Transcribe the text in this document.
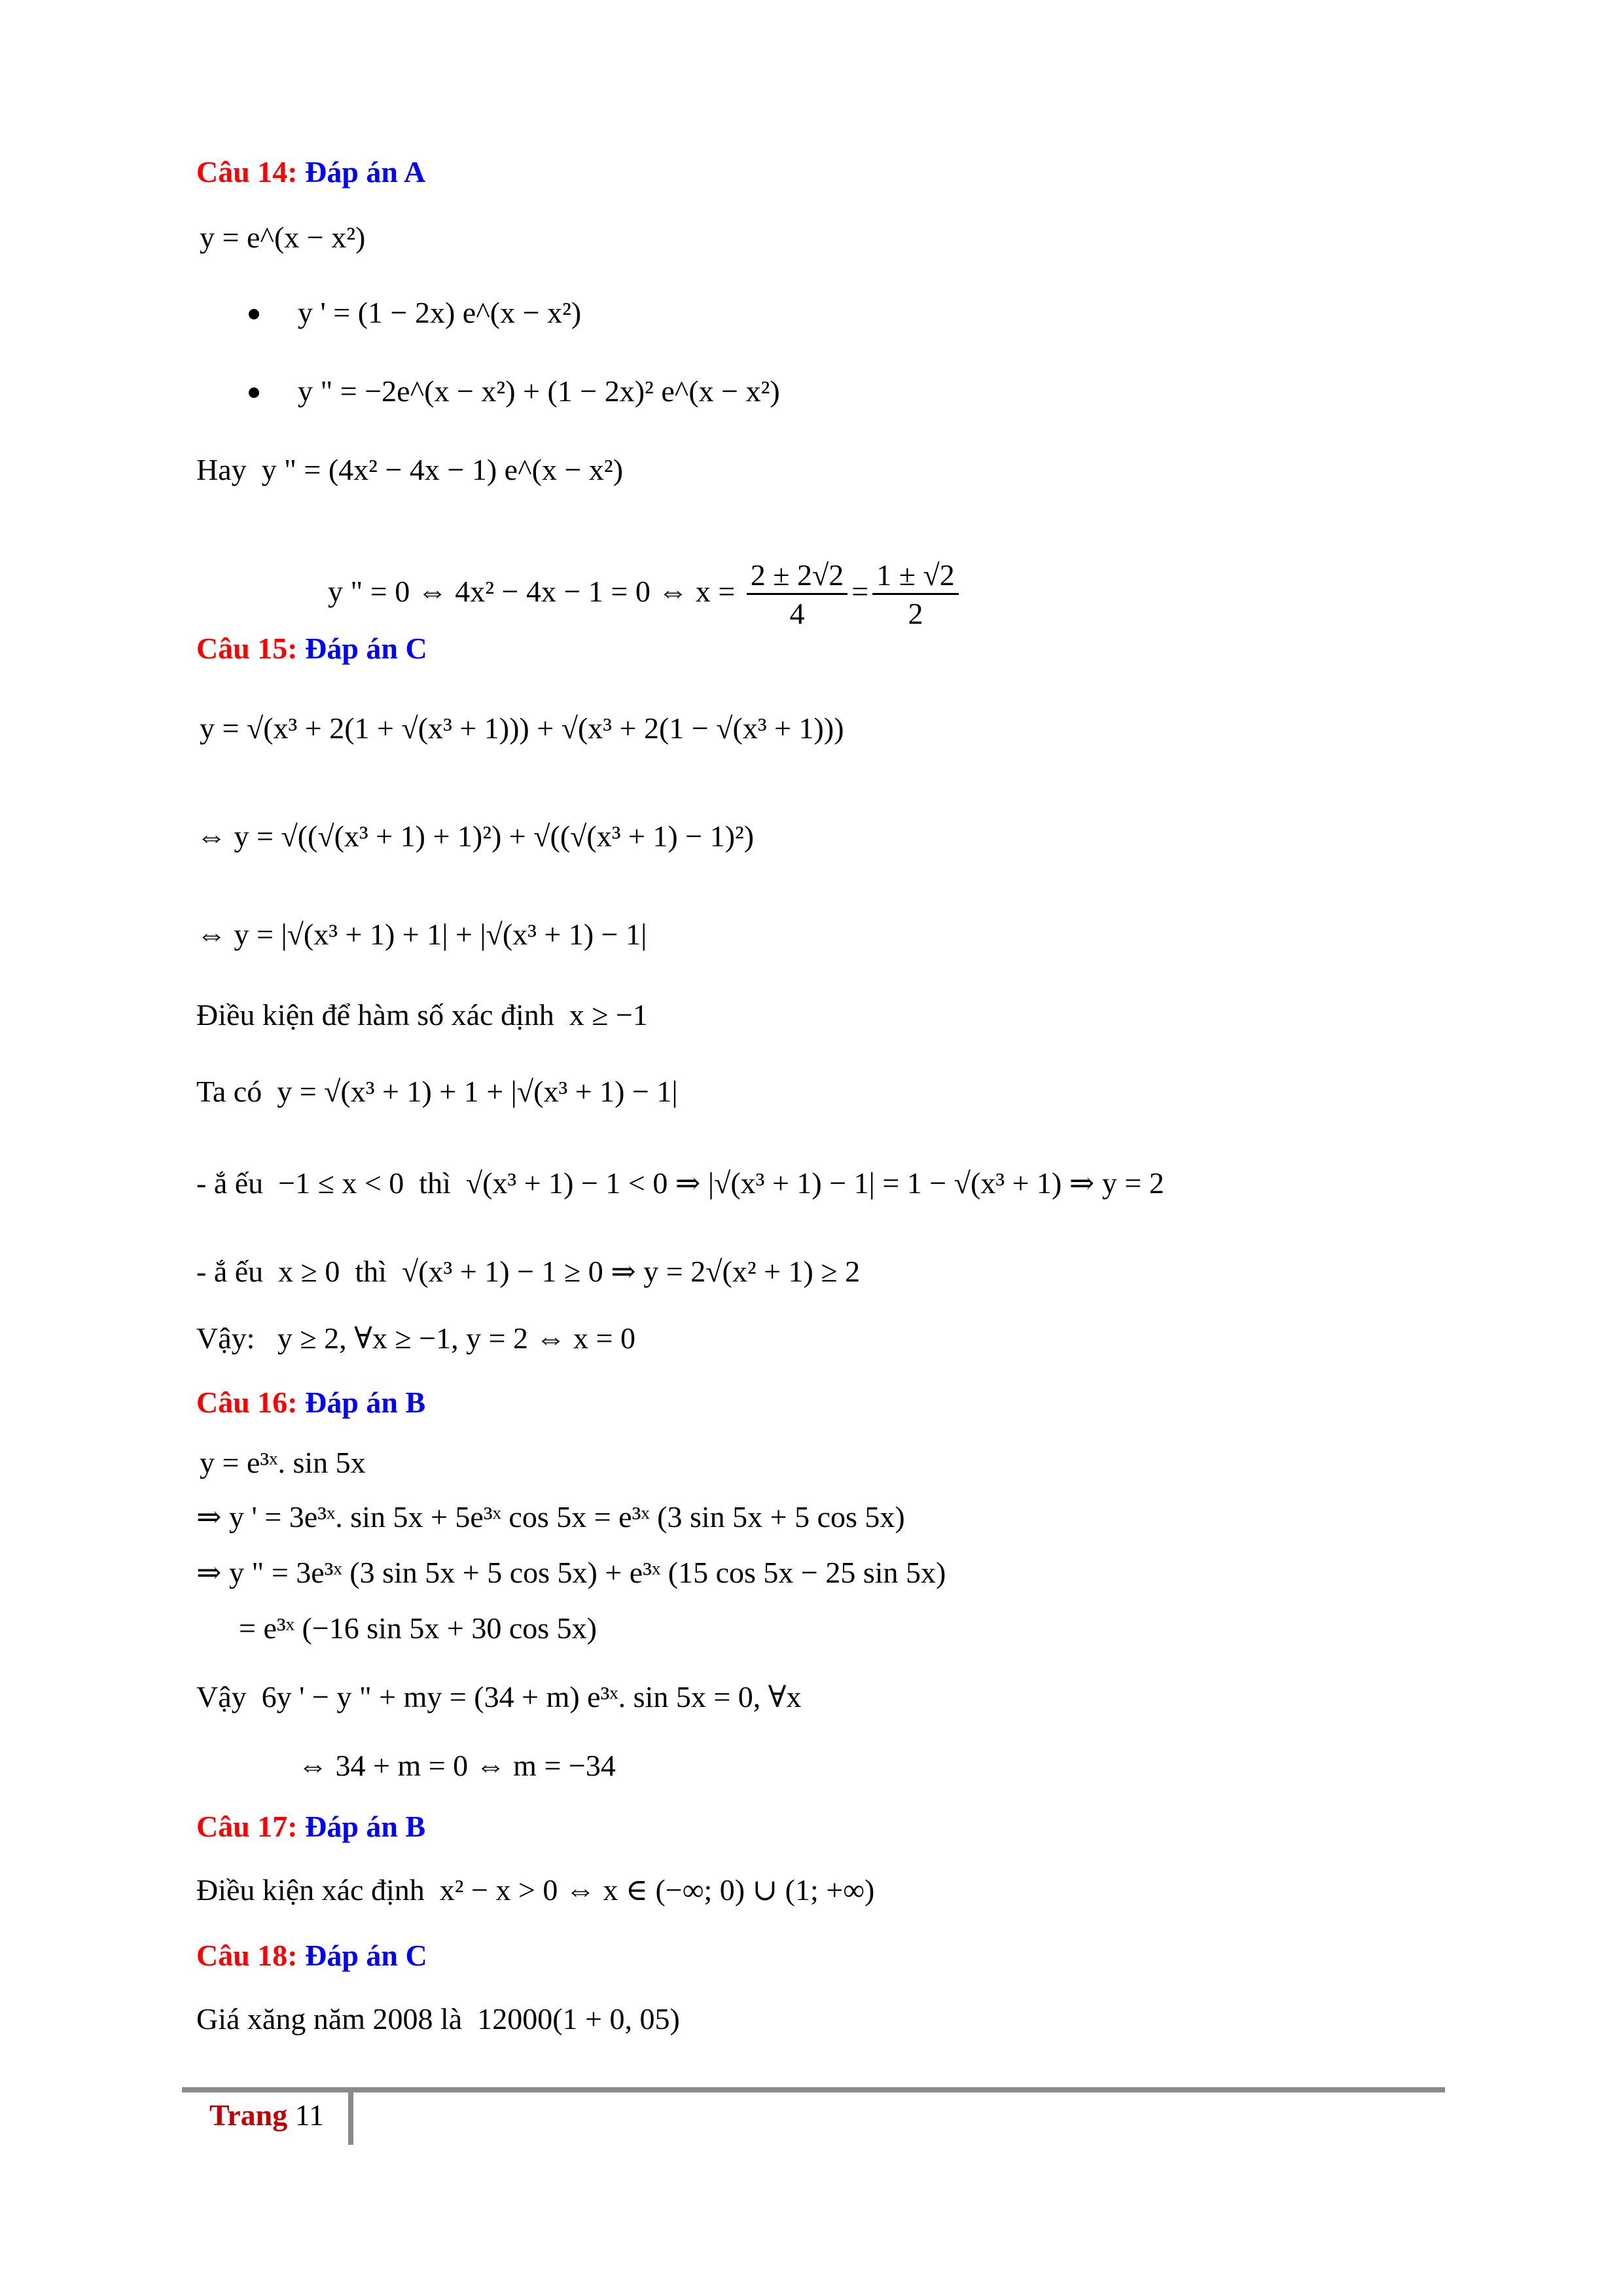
Câu 14: Đáp án A
y = e^(x − x²)
y ' = (1 − 2x) e^(x − x²)
y " = −2e^(x − x²) + (1 − 2x)² e^(x − x²)
Hay  y " = (4x² − 4x − 1) e^(x − x²)

y " = 0 ⇔ 4x² − 4x − 1 = 0 ⇔ $x = \frac{2 \pm 2√2}{4} = \frac{1 \pm √2}{2}$

Câu 15: Đáp án C
y = √(x³ + 2(1 + √(x³ + 1))) + √(x³ + 2(1 − √(x³ + 1)))
⇔ y = √((√(x³ + 1) + 1)²) + √((√(x³ + 1) − 1)²)
⇔ y = |√(x³ + 1) + 1| + |√(x³ + 1) − 1|
Điều kiện để hàm số xác định  x ≥ −1
Ta có  y = √(x³ + 1) + 1 + |√(x³ + 1) − 1|
- ắ ếu  −1 ≤ x < 0  thì  √(x³ + 1) − 1 < 0 ⇒ |√(x³ + 1) − 1| = 1 − √(x³ + 1) ⇒ y = 2
- ắ ếu  x ≥ 0  thì  √(x³ + 1) − 1 ≥ 0 ⇒ y = 2√(x² + 1) ≥ 2
Vậy:   y ≥ 2, ∀x ≥ −1, y = 2 ⇔ x = 0
Câu 16: Đáp án B
y = e³ˣ. sin 5x
⇒ y ' = 3e³ˣ. sin 5x + 5e³ˣ cos 5x = e³ˣ (3 sin 5x + 5 cos 5x)
⇒ y " = 3e³ˣ (3 sin 5x + 5 cos 5x) + e³ˣ (15 cos 5x − 25 sin 5x)
= e³ˣ (−16 sin 5x + 30 cos 5x)
Vậy  6y ' − y " + my = (34 + m) e³ˣ. sin 5x = 0, ∀x
⇔ 34 + m = 0 ⇔ m = −34
Câu 17: Đáp án B
Điều kiện xác định  x² − x > 0 ⇔ x ∈ (−∞; 0) ∪ (1; +∞)
Câu 18: Đáp án C
Giá xăng năm 2008 là  12000(1 + 0, 05)
Trang 11
